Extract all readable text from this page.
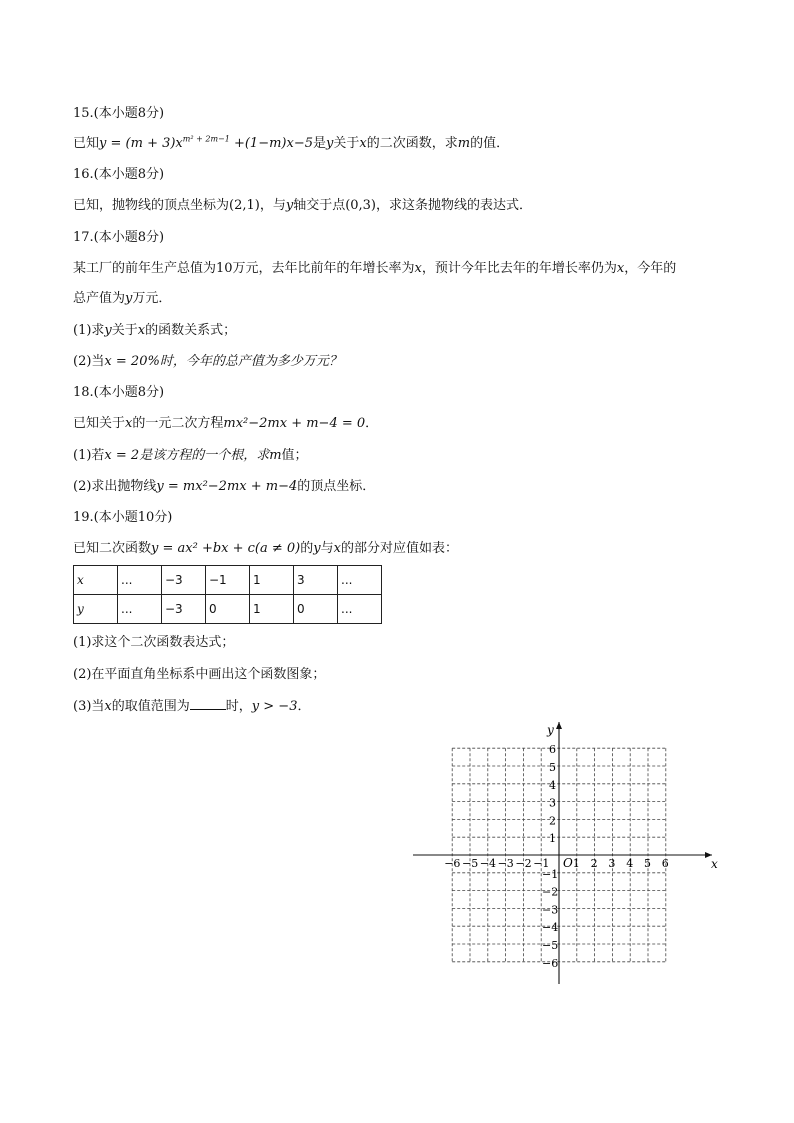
15.(本小题8分)
已知$y = (m + 3)x^{m^2 + 2m-1} +(1-m)x-5$是y关于x的二次函数，求m的值．
16.(本小题8分)
已知，抛物线的顶点坐标为(2,1)，与y轴交于点(0,3)，求这条抛物线的表达式．
17.(本小题8分)
某工厂的前年生产总值为10万元，去年比前年的年增长率为x，预计今年比去年的年增长率仍为x，今年的
总产值为y万元．
(1)求y关于x的函数关系式；
(2)当x = 20%时，今年的总产值为多少万元？
18.(本小题8分)
已知关于x的一元二次方程mx²−2mx + m−4 = 0．
(1)若x = 2是该方程的一个根，求m值；
(2)求出抛物线y = mx²−2mx + m−4的顶点坐标．
19.(本小题10分)
已知二次函数y = ax² +bx + c(a ≠ 0)的y与x的部分对应值如表：
x	...	−3	−1	1	3	...
y	...	−3	0	1	0	...
(1)求这个二次函数表达式；
(2)在平面直角坐标系中画出这个函数图象；
(3)当x的取值范围为	时，y > −3．
x
y
O
−6 −5 −4 −3 −2 −1 1 2 3 4 5 6
1
2
3
4
5
6
−1
−2
−3
−4
−5
−6
